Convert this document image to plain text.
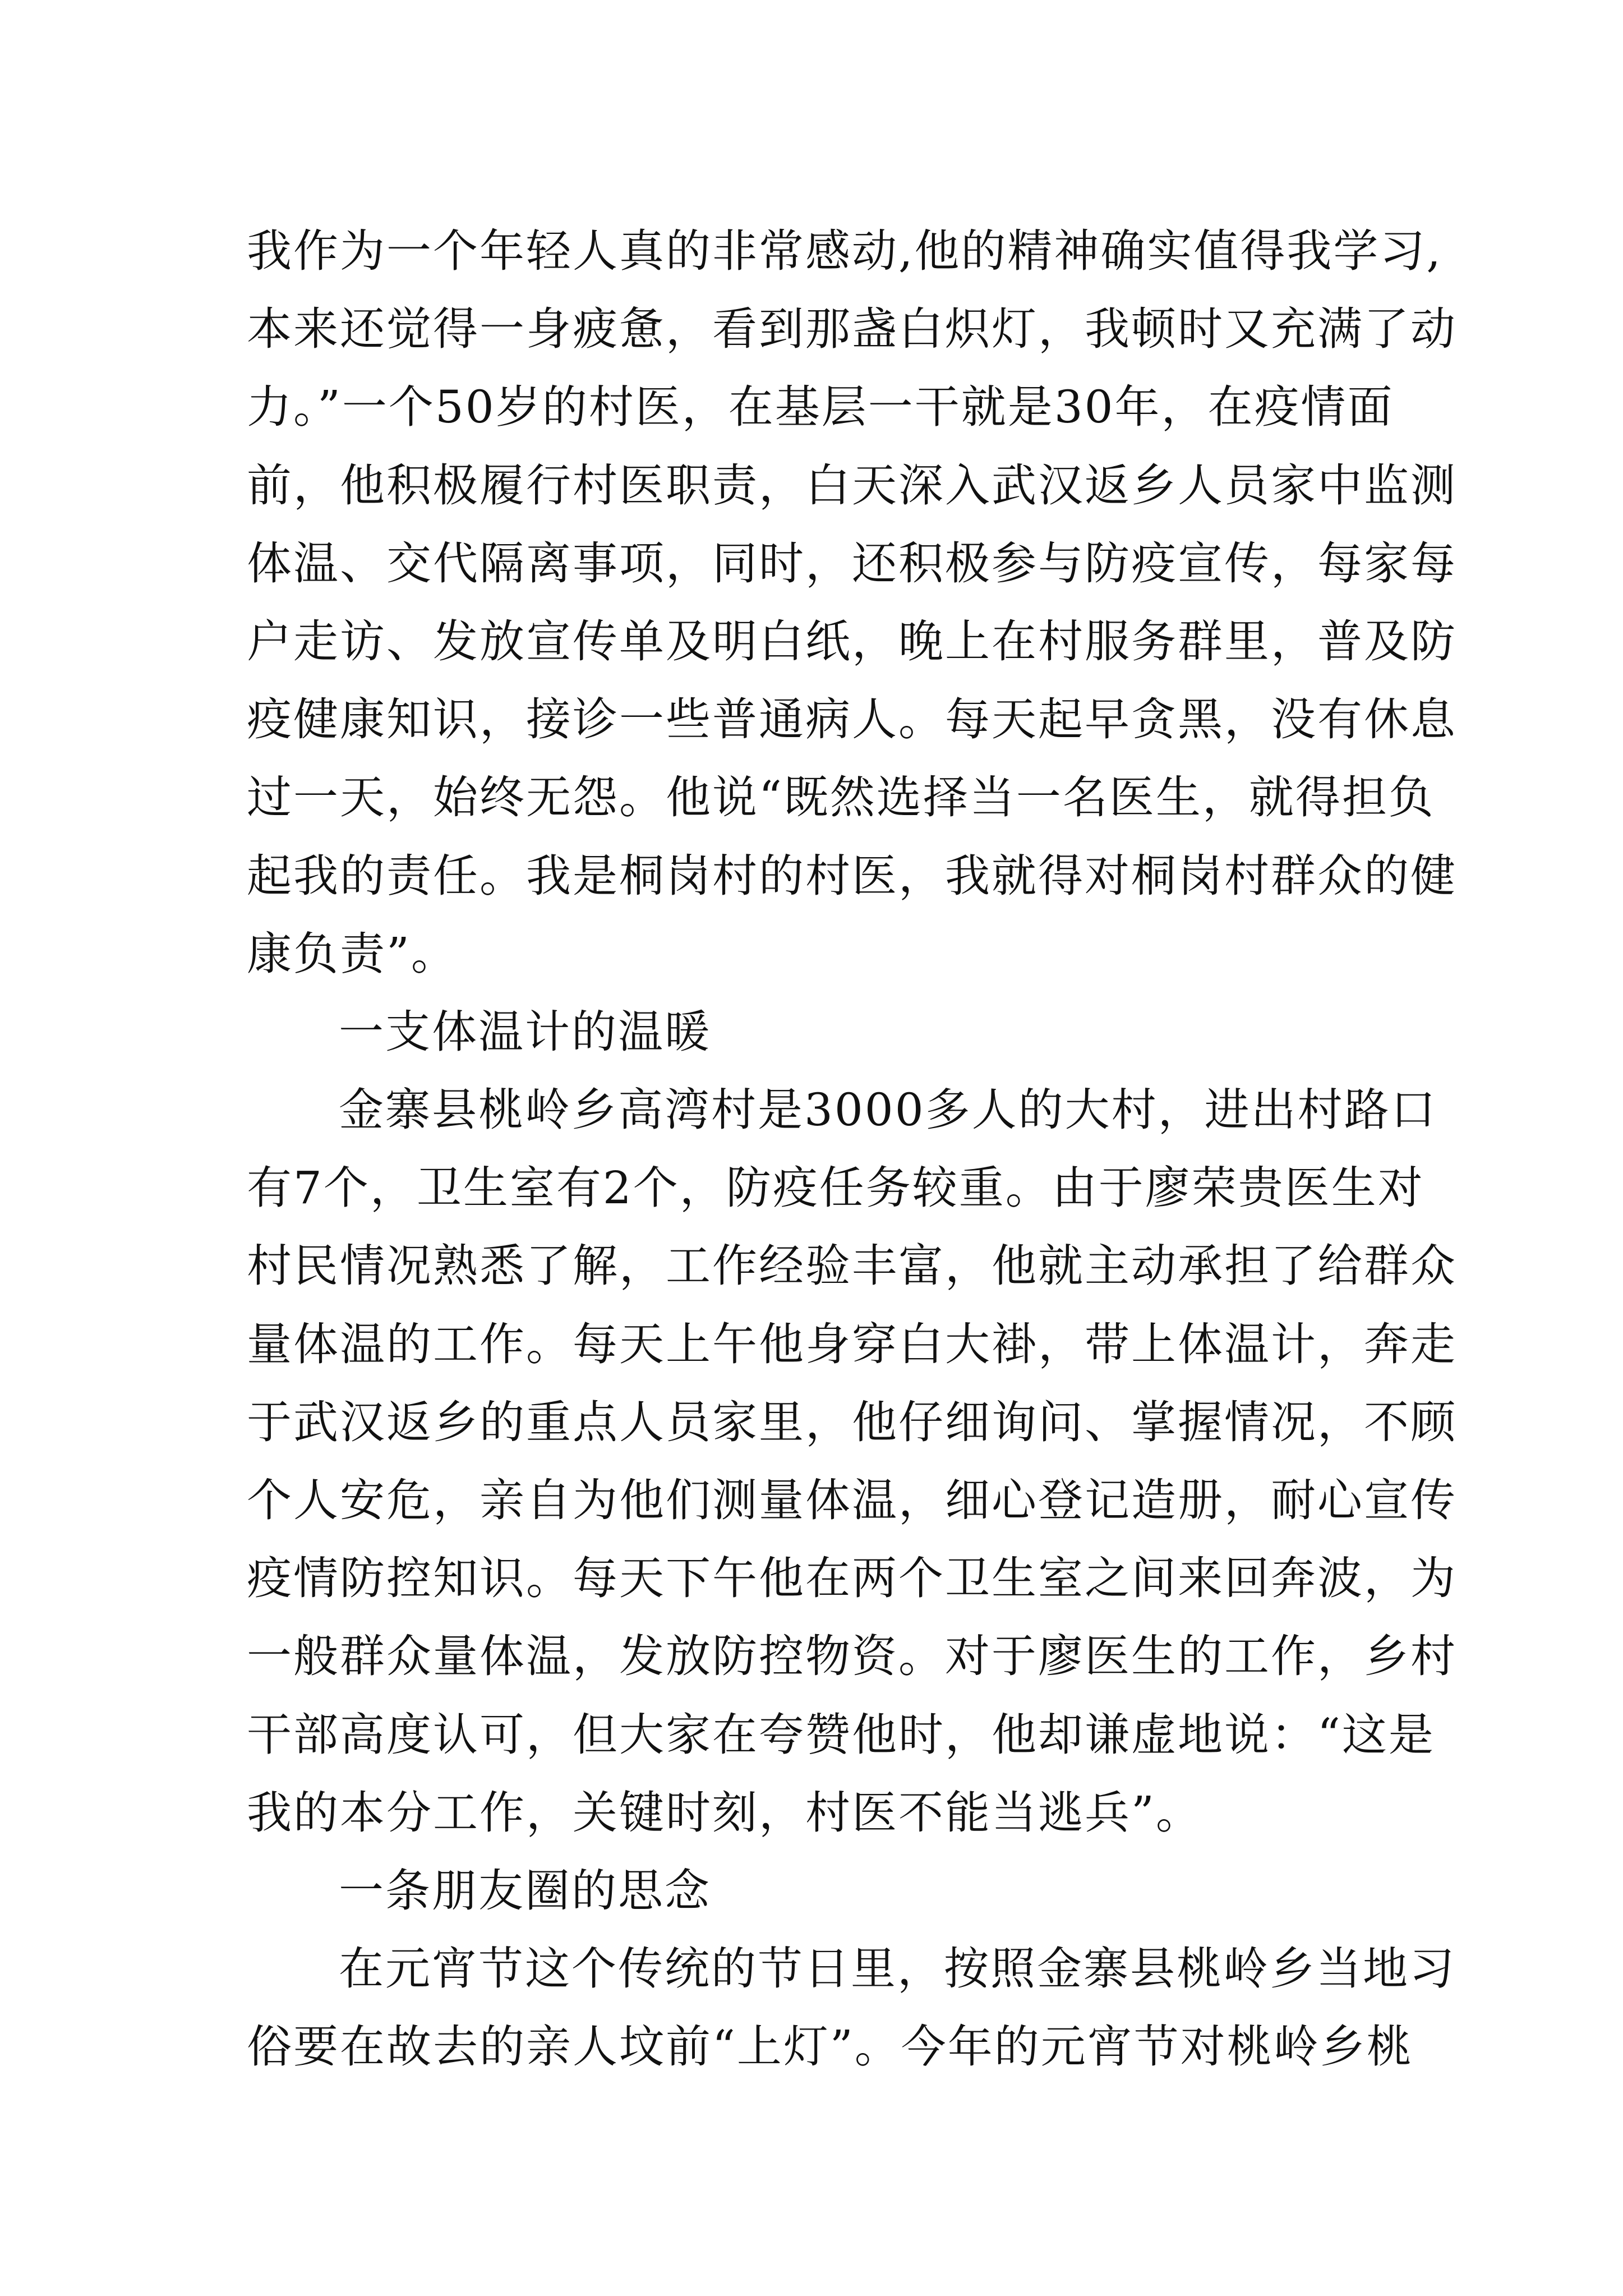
我作为一个年轻人真的非常感动,他的精神确实值得我学习,
本来还觉得一身疲惫，看到那盏白炽灯，我顿时又充满了动
力。”一个50岁的村医，在基层一干就是30年，在疫情面
前，他积极履行村医职责，白天深入武汉返乡人员家中监测
体温、交代隔离事项，同时，还积极参与防疫宣传，每家每
户走访、发放宣传单及明白纸，晚上在村服务群里，普及防
疫健康知识，接诊一些普通病人。每天起早贪黑，没有休息
过一天，始终无怨。他说“既然选择当一名医生，就得担负
起我的责任。我是桐岗村的村医，我就得对桐岗村群众的健
康负责”。
一支体温计的温暖
金寨县桃岭乡高湾村是3000多人的大村，进出村路口
有7个，卫生室有2个，防疫任务较重。由于廖荣贵医生对
村民情况熟悉了解，工作经验丰富，他就主动承担了给群众
量体温的工作。每天上午他身穿白大褂，带上体温计，奔走
于武汉返乡的重点人员家里，他仔细询问、掌握情况，不顾
个人安危，亲自为他们测量体温，细心登记造册，耐心宣传
疫情防控知识。每天下午他在两个卫生室之间来回奔波，为
一般群众量体温，发放防控物资。对于廖医生的工作，乡村
干部高度认可，但大家在夸赞他时，他却谦虚地说：“这是
我的本分工作，关键时刻，村医不能当逃兵”。
一条朋友圈的思念
在元宵节这个传统的节日里，按照金寨县桃岭乡当地习
俗要在故去的亲人坟前“上灯”。今年的元宵节对桃岭乡桃
